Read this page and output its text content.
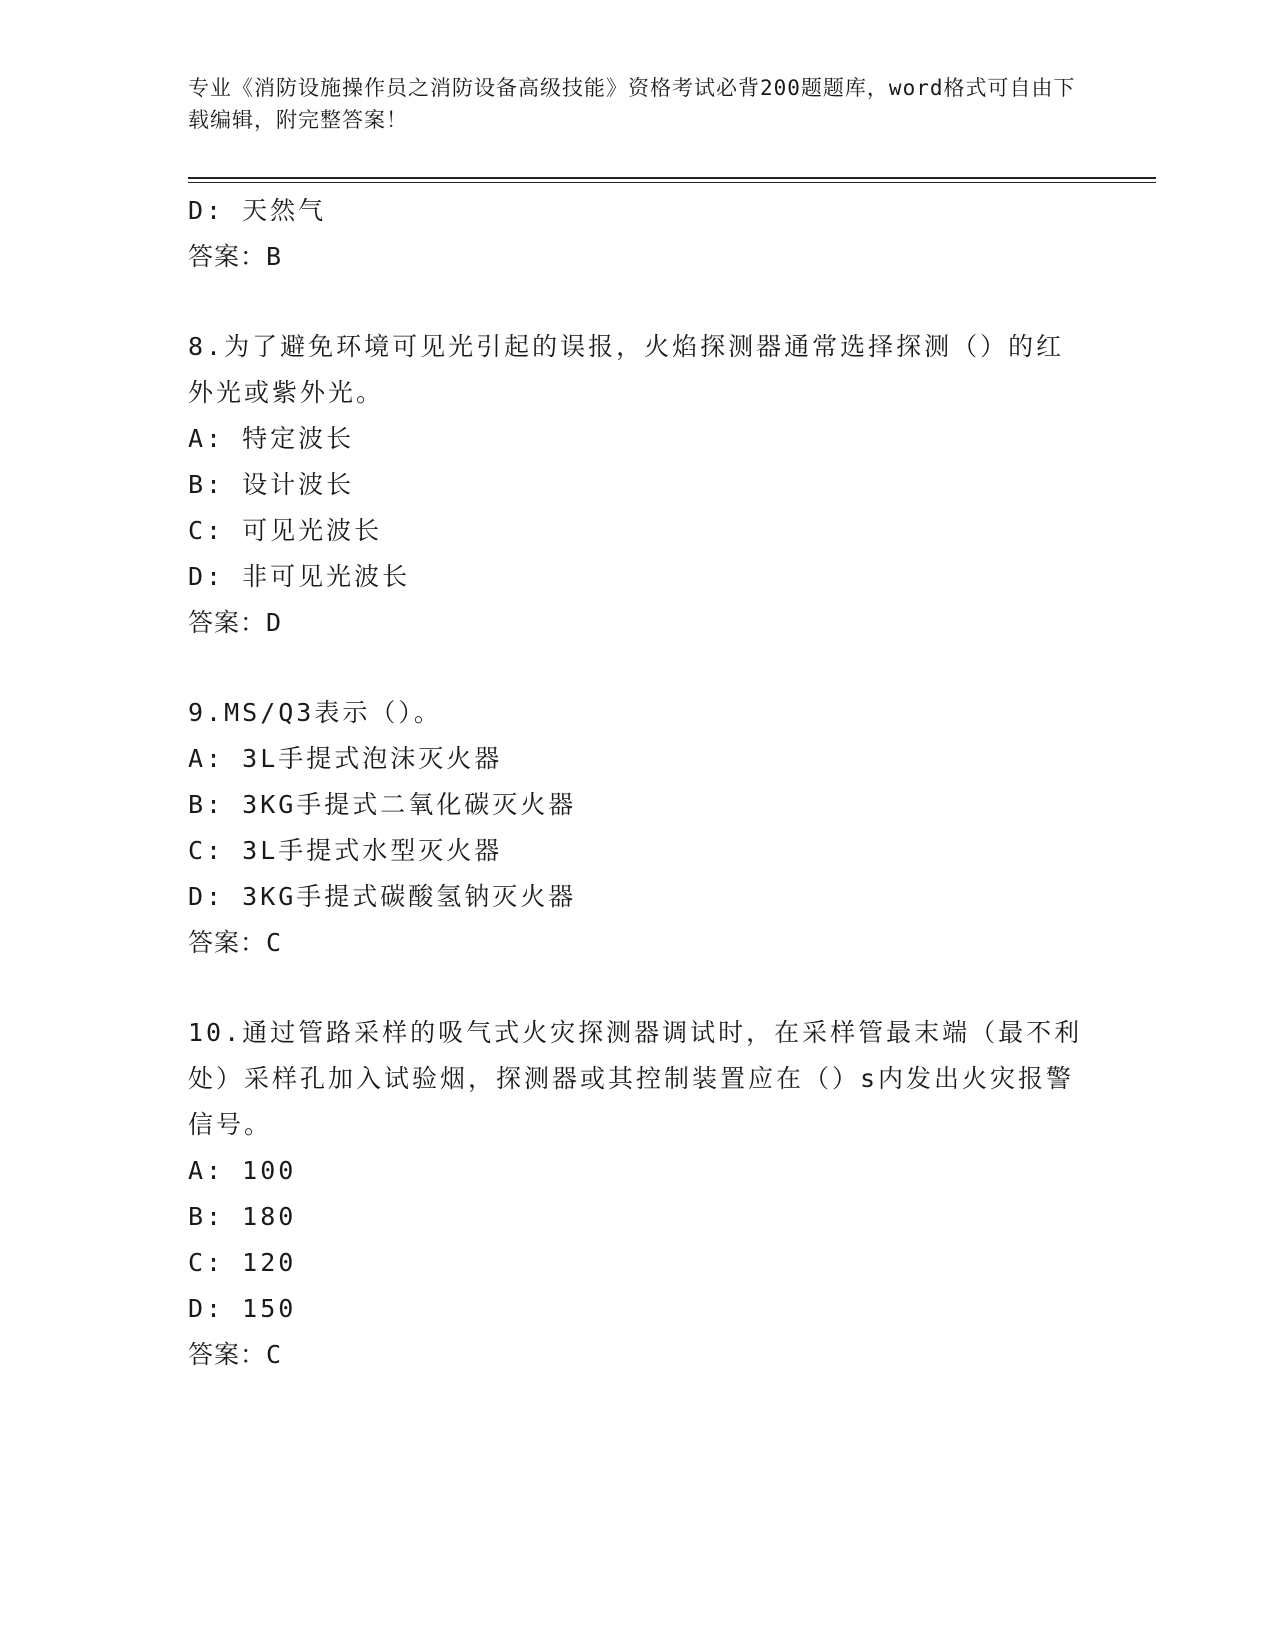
专业《消防设施操作员之消防设备高级技能》资格考试必背200题题库，word格式可自由下载编辑，附完整答案！
D: 天然气
答案：B
8.为了避免环境可见光引起的误报，火焰探测器通常选择探测（）的红外光或紫外光。
A: 特定波长
B: 设计波长
C: 可见光波长
D: 非可见光波长
答案：D
9.MS/Q3表示（）。
A: 3L手提式泡沫灭火器
B: 3KG手提式二氧化碳灭火器
C: 3L手提式水型灭火器
D: 3KG手提式碳酸氢钠灭火器
答案：C
10.通过管路采样的吸气式火灾探测器调试时，在采样管最末端（最不利处）采样孔加入试验烟，探测器或其控制装置应在（）s内发出火灾报警信号。
A: 100
B: 180
C: 120
D: 150
答案：C
